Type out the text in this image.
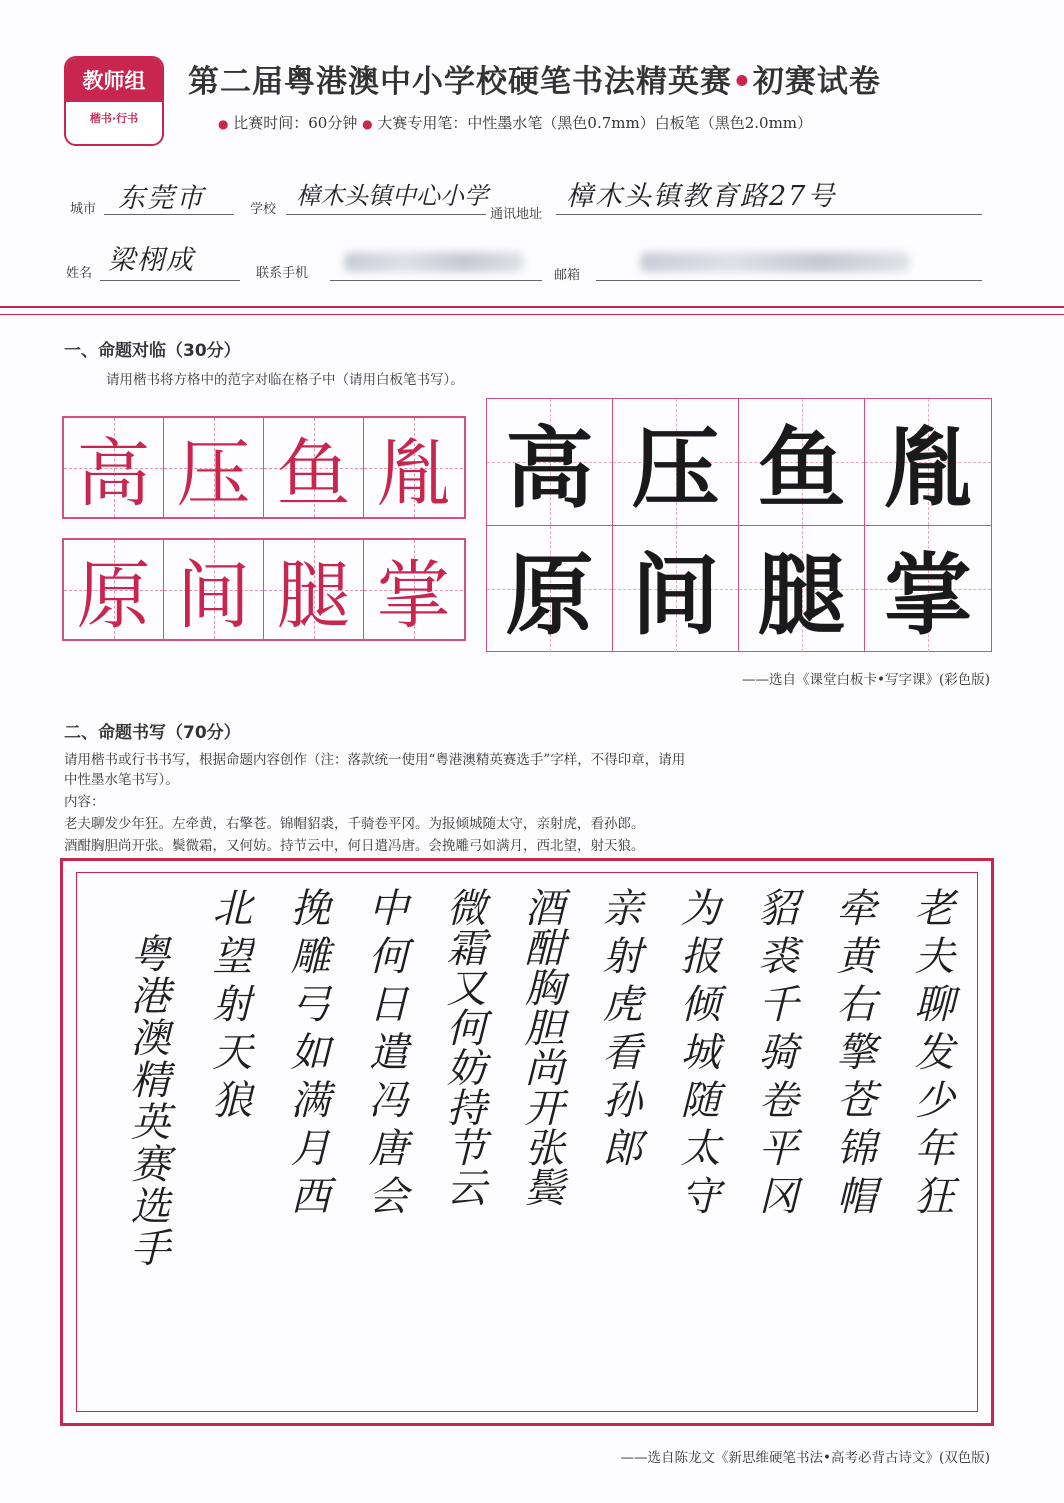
教师组
楷书·行书
第二届粤港澳中小学校硬笔书法精英赛•初赛试卷
● 比赛时间：60分钟 ● 大赛专用笔：中性墨水笔（黑色0.7mm）白板笔（黑色2.0mm）
城市 东莞市	学校 樟木头镇中心小学
通讯地址
樟木头镇教育路27号
姓名 梁栩成	联系手机	邮箱
一、命题对临（30分）
请用楷书将方格中的范字对临在格子中（请用白板笔书写）。
高 压 鱼 胤
原 间 腿 掌
高 压 鱼 胤
原 间 腿 掌
——选自《课堂白板卡•写字课》(彩色版)
二、命题书写（70分）
请用楷书或行书书写，根据命题内容创作（注：落款统一使用“粤港澳精英赛选手”字样，不得印章，请用
中性墨水笔书写）。
内容：
老夫聊发少年狂。左牵黄，右擎苍。锦帽貂裘，千骑卷平冈。为报倾城随太守，亲射虎，看孙郎。
酒酣胸胆尚开张。鬓微霜，又何妨。持节云中，何日遣冯唐。会挽雕弓如满月，西北望，射天狼。
老夫聊发少年狂
牵黄右擎苍锦帽
貂裘千骑卷平冈
为报倾城随太守
亲射虎看孙郎
酒酣胸胆尚开张鬓
微霜又何妨持节云
中何日遣冯唐会
挽雕弓如满月西
北望射天狼
粤港澳精英赛选手
——选自陈龙文《新思维硬笔书法•高考必背古诗文》(双色版)
